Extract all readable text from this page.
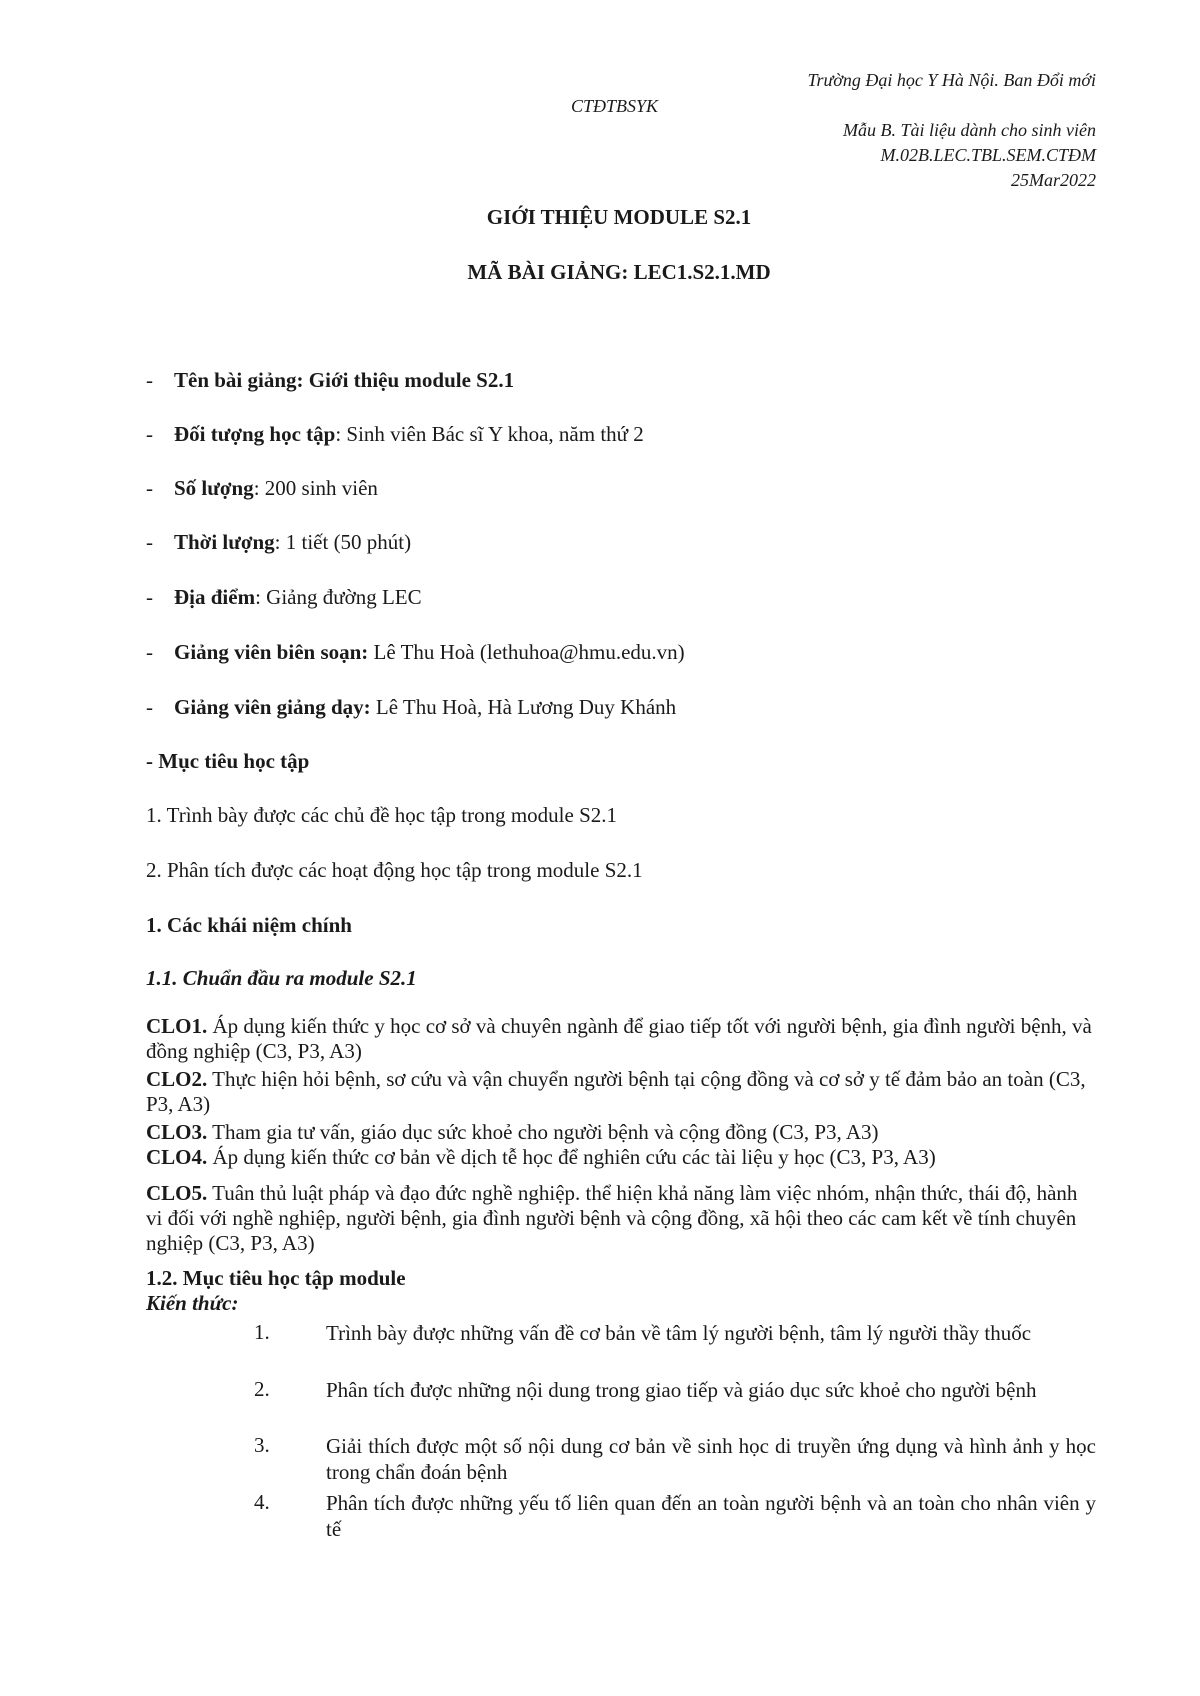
Trường Đại học Y Hà Nội. Ban Đổi mới
CTĐTBSYK
Mẫu B. Tài liệu dành cho sinh viên
M.02B.LEC.TBL.SEM.CTĐM
25Mar2022
GIỚI THIỆU MODULE S2.1
MÃ BÀI GIẢNG: LEC1.S2.1.MD
- Tên bài giảng: Giới thiệu module S2.1
- Đối tượng học tập: Sinh viên Bác sĩ Y khoa, năm thứ 2
- Số lượng: 200 sinh viên
- Thời lượng: 1 tiết (50 phút)
- Địa điểm: Giảng đường LEC
- Giảng viên biên soạn: Lê Thu Hoà (lethuhoa@hmu.edu.vn)
- Giảng viên giảng dạy: Lê Thu Hoà, Hà Lương Duy Khánh
- Mục tiêu học tập
1. Trình bày được các chủ đề học tập trong module S2.1
2. Phân tích được các hoạt động học tập trong module S2.1
1. Các khái niệm chính
1.1. Chuẩn đầu ra module S2.1
CLO1. Áp dụng kiến thức y học cơ sở và chuyên ngành để giao tiếp tốt với người bệnh, gia đình người bệnh, và đồng nghiệp (C3, P3, A3)
CLO2. Thực hiện hỏi bệnh, sơ cứu và vận chuyển người bệnh tại cộng đồng và cơ sở y tế đảm bảo an toàn (C3, P3, A3)
CLO3. Tham gia tư vấn, giáo dục sức khoẻ cho người bệnh và cộng đồng (C3, P3, A3)
CLO4. Áp dụng kiến thức cơ bản về dịch tễ học để nghiên cứu các tài liệu y học (C3, P3, A3)
CLO5. Tuân thủ luật pháp và đạo đức nghề nghiệp. thể hiện khả năng làm việc nhóm, nhận thức, thái độ, hành vi đối với nghề nghiệp, người bệnh, gia đình người bệnh và cộng đồng, xã hội theo các cam kết về tính chuyên nghiệp (C3, P3, A3)
1.2. Mục tiêu học tập module
Kiến thức:
1.	Trình bày được những vấn đề cơ bản về tâm lý người bệnh, tâm lý người thầy thuốc
2.	Phân tích được những nội dung trong giao tiếp và giáo dục sức khoẻ cho người bệnh
3.	Giải thích được một số nội dung cơ bản về sinh học di truyền ứng dụng và hình ảnh y học trong chẩn đoán bệnh
4.	Phân tích được những yếu tố liên quan đến an toàn người bệnh và an toàn cho nhân viên y tế
